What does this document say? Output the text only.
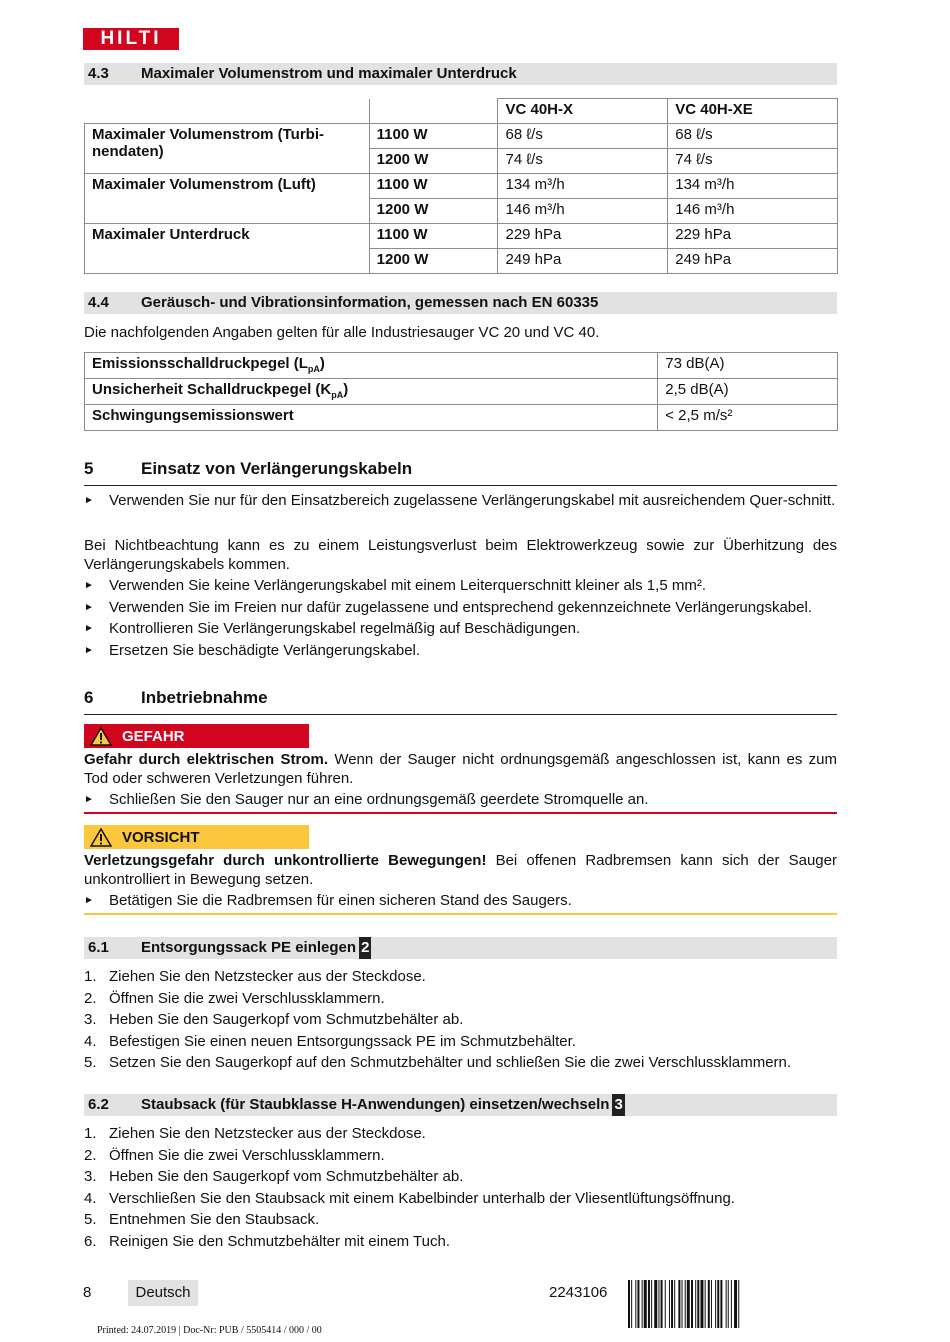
HILTI
4.3 Maximaler Volumenstrom und maximaler Unterdruck
		VC 40H-X	VC 40H-XE
Maximaler Volumenstrom (Turbi-nendaten)	1100 W	68 ℓ/s	68 ℓ/s
	1200 W	74 ℓ/s	74 ℓ/s
Maximaler Volumenstrom (Luft)	1100 W	134 m³/h	134 m³/h
	1200 W	146 m³/h	146 m³/h
Maximaler Unterdruck	1100 W	229 hPa	229 hPa
	1200 W	249 hPa	249 hPa
4.4 Geräusch- und Vibrationsinformation, gemessen nach EN 60335
Die nachfolgenden Angaben gelten für alle Industriesauger VC 20 und VC 40.
Emissionsschalldruckpegel $(L_{pA})$	73 dB(A)
Unsicherheit Schalldruckpegel $(K_{pA})$	2,5 dB(A)
Schwingungsemissionswert	< 2,5 m/s²
5	Einsatz von Verlängerungskabeln
► Verwenden Sie nur für den Einsatzbereich zugelassene Verlängerungskabel mit ausreichendem Quer-schnitt.
Bei Nichtbeachtung kann es zu einem Leistungsverlust beim Elektrowerkzeug sowie zur Überhitzung des Verlängerungskabels kommen.
► Verwenden Sie keine Verlängerungskabel mit einem Leiterquerschnitt kleiner als 1,5 mm².
► Verwenden Sie im Freien nur dafür zugelassene und entsprechend gekennzeichnete Verlängerungskabel.
► Kontrollieren Sie Verlängerungskabel regelmäßig auf Beschädigungen.
► Ersetzen Sie beschädigte Verlängerungskabel.
6	Inbetriebnahme
GEFAHR
Gefahr durch elektrischen Strom. Wenn der Sauger nicht ordnungsgemäß angeschlossen ist, kann es zum Tod oder schweren Verletzungen führen.
► Schließen Sie den Sauger nur an eine ordnungsgemäß geerdete Stromquelle an.
VORSICHT
Verletzungsgefahr durch unkontrollierte Bewegungen! Bei offenen Radbremsen kann sich der Sauger unkontrolliert in Bewegung setzen.
► Betätigen Sie die Radbremsen für einen sicheren Stand des Saugers.
6.1 Entsorgungssack PE einlegen 2
1. Ziehen Sie den Netzstecker aus der Steckdose.
2. Öffnen Sie die zwei Verschlussklammern.
3. Heben Sie den Saugerkopf vom Schmutzbehälter ab.
4. Befestigen Sie einen neuen Entsorgungssack PE im Schmutzbehälter.
5. Setzen Sie den Saugerkopf auf den Schmutzbehälter und schließen Sie die zwei Verschlussklammern.
6.2 Staubsack (für Staubklasse H-Anwendungen) einsetzen/wechseln 3
1. Ziehen Sie den Netzstecker aus der Steckdose.
2. Öffnen Sie die zwei Verschlussklammern.
3. Heben Sie den Saugerkopf vom Schmutzbehälter ab.
4. Verschließen Sie den Staubsack mit einem Kabelbinder unterhalb der Vliesentlüftungsöffnung.
5. Entnehmen Sie den Staubsack.
6. Reinigen Sie den Schmutzbehälter mit einem Tuch.
8	Deutsch	2243106
Printed: 24.07.2019 | Doc-Nr: PUB / 5505414 / 000 / 00
